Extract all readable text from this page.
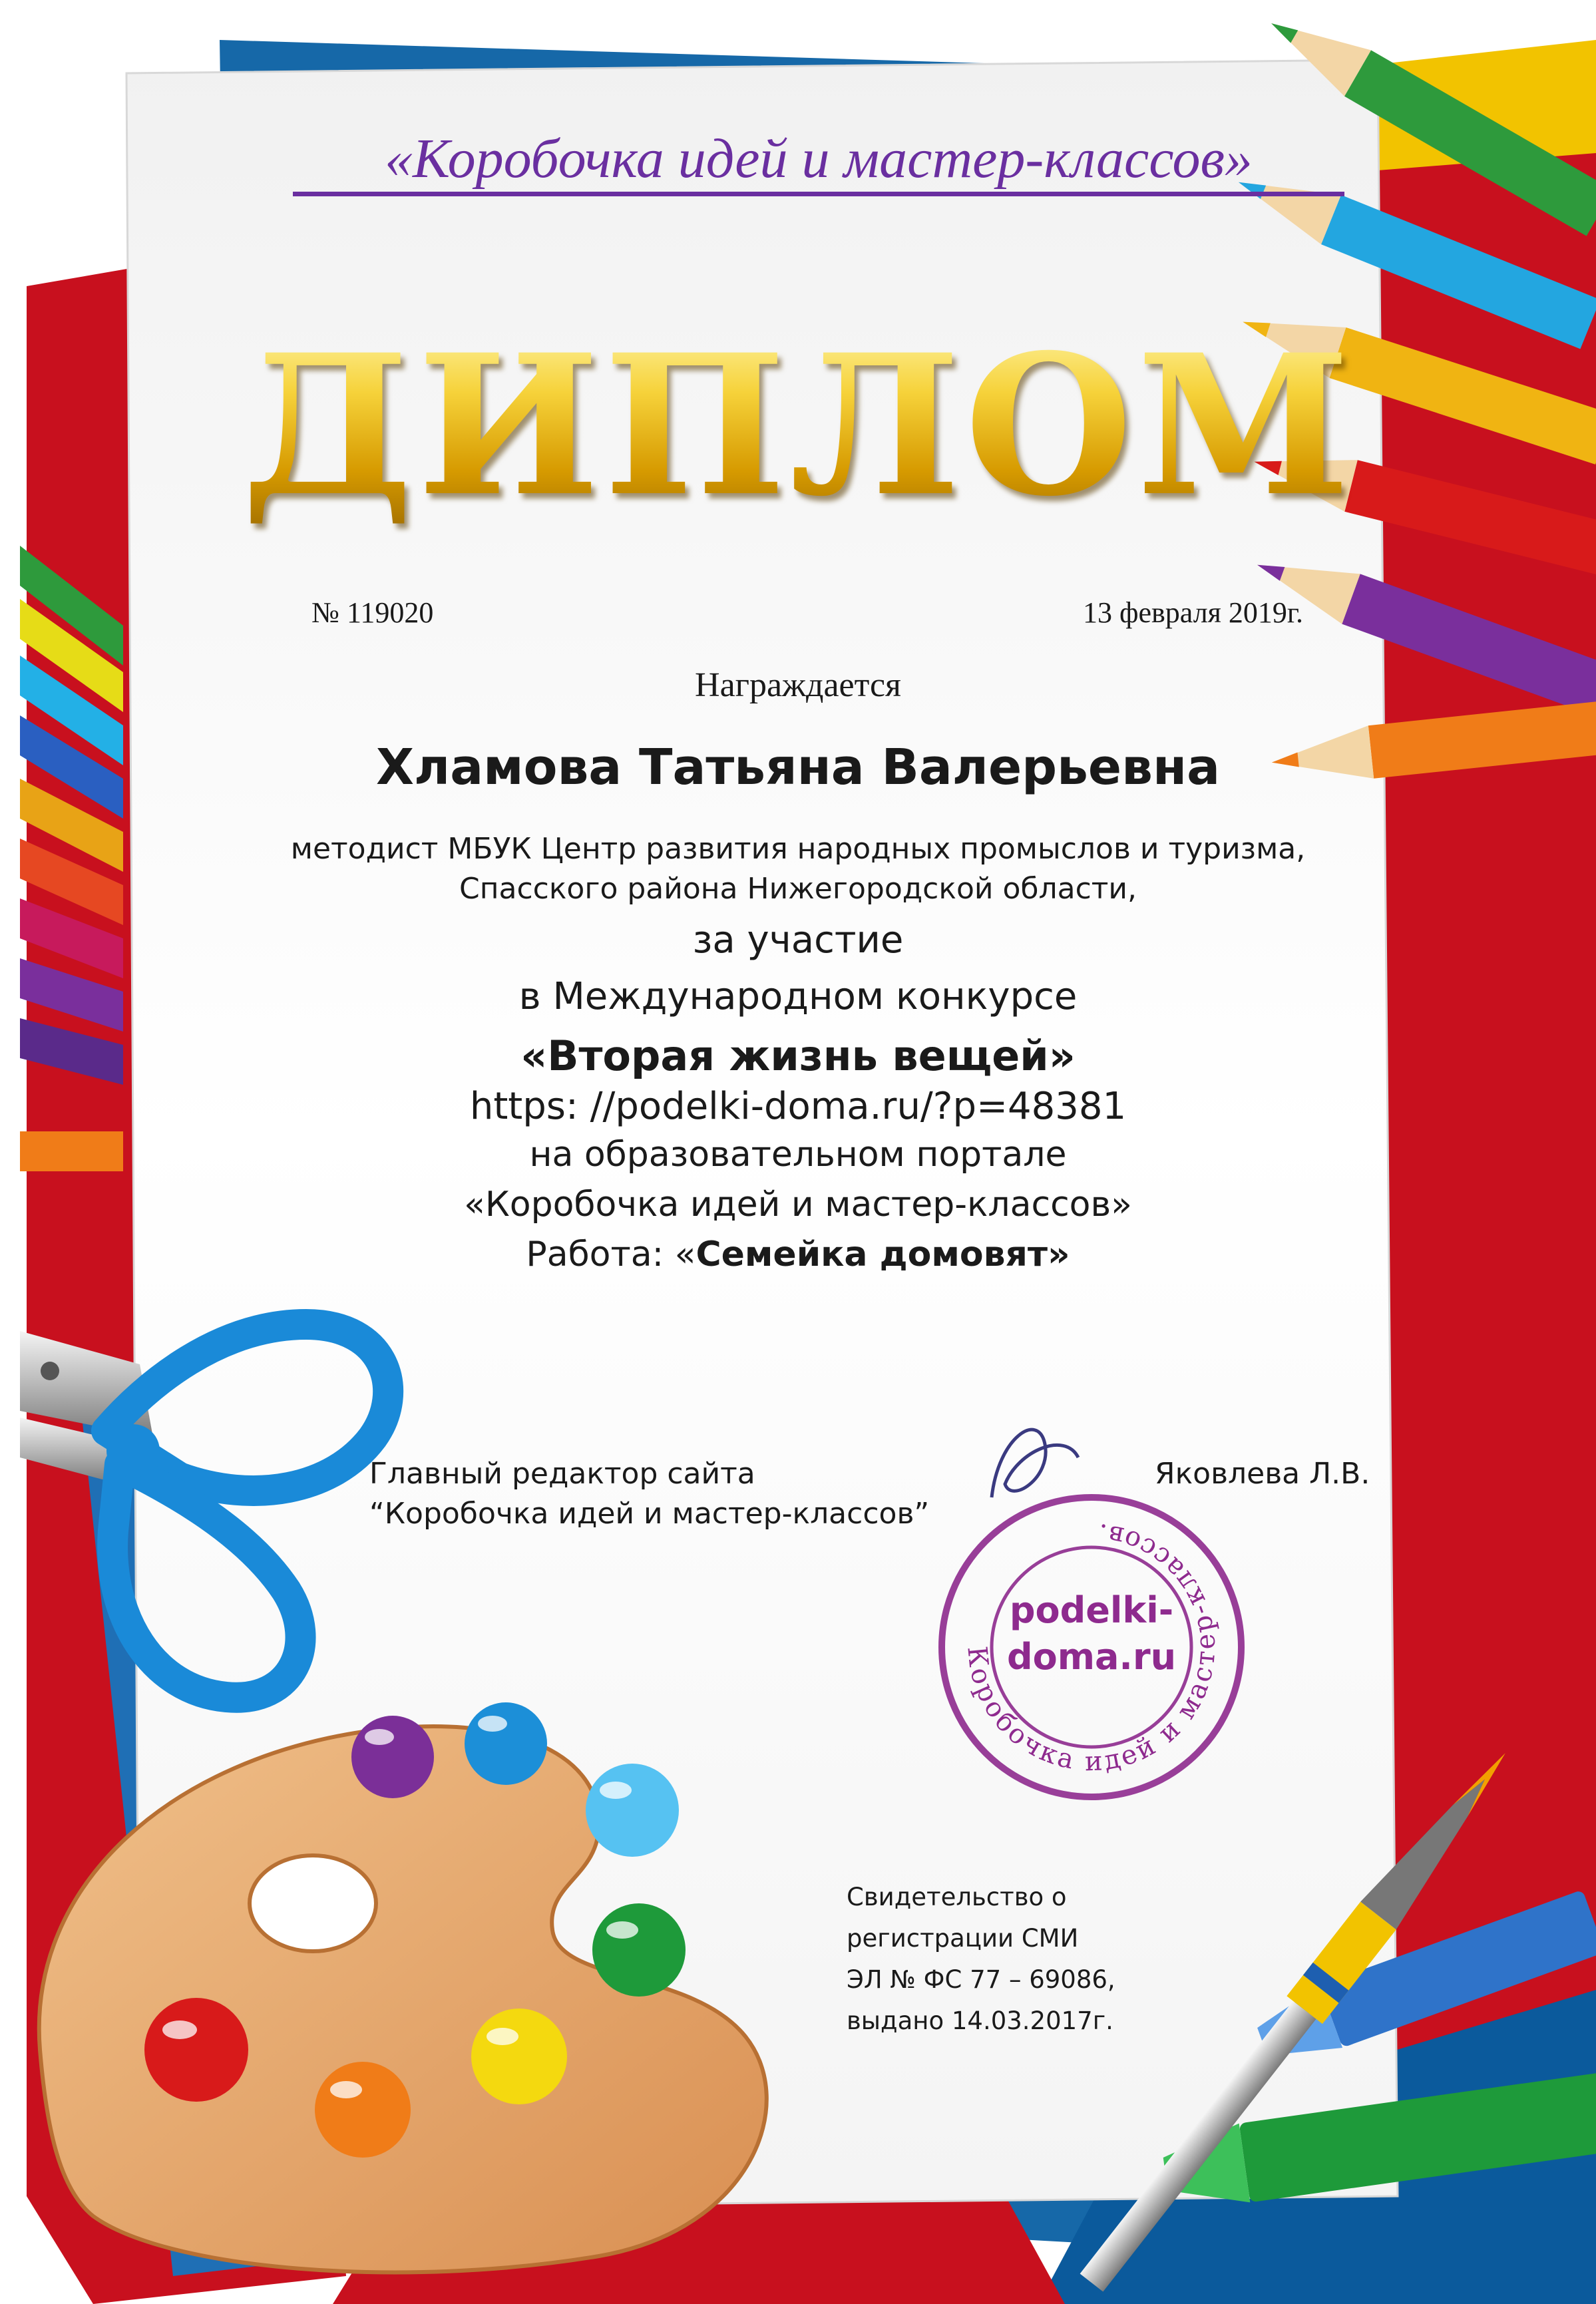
podelki-
doma.ru
Коробочка идей и мастер-классов.
«Коробочка идей и мастер-классов»
ДИПЛОМ
№ 119020	13 февраля 2019г.
Награждается
Хламова Татьяна Валерьевна
методист МБУК Центр развития народных промыслов и туризма,
Спасского района Нижегородской области,
за участие
в Международном конкурсе
«Вторая жизнь вещей»
https: //podelki-doma.ru/?p=48381
на образовательном портале
«Коробочка идей и мастер-классов»
Работа: «Семейка домовят»
Главный редактор сайта
“Коробочка идей и мастер-классов”
Яковлева Л.В.
Свидетельство о
регистрации СМИ
ЭЛ № ФС 77 – 69086,
выдано 14.03.2017г.
